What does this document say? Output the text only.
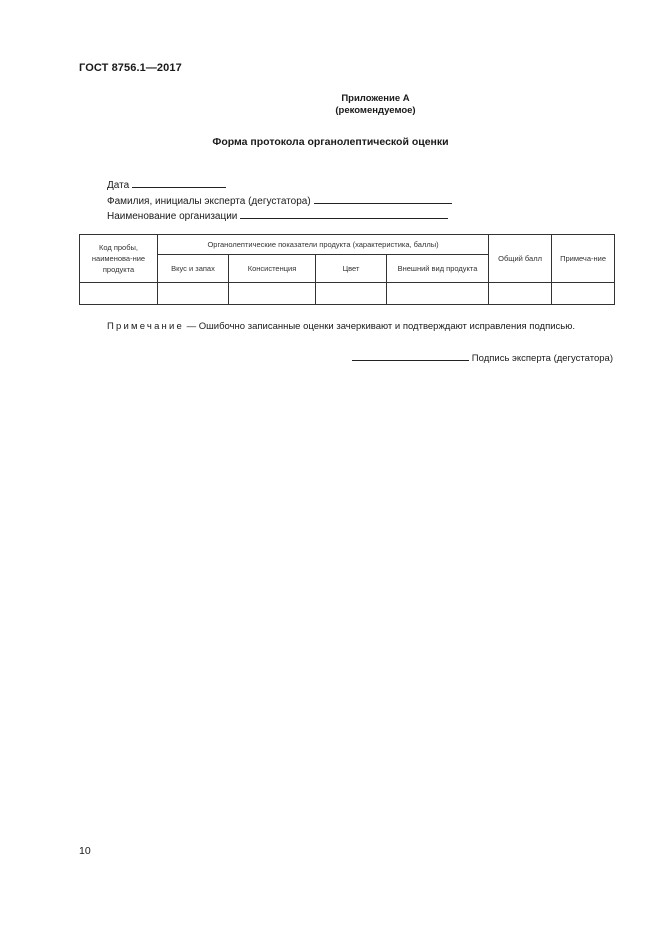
ГОСТ 8756.1—2017
Приложение А
(рекомендуемое)
Форма протокола органолептической оценки
Дата
Фамилия, инициалы эксперта (дегустатора)
Наименование организации
Код пробы, наименова-ние продукта	Органолептические показатели продукта (характеристика, баллы)				Общий балл	Примеча-ние
	Вкус и запах	Консистенция	Цвет	Внешний вид продукта		

Примечание — Ошибочно записанные оценки зачеркивают и подтверждают исправления подписью.
Подпись эксперта (дегустатора)
10
